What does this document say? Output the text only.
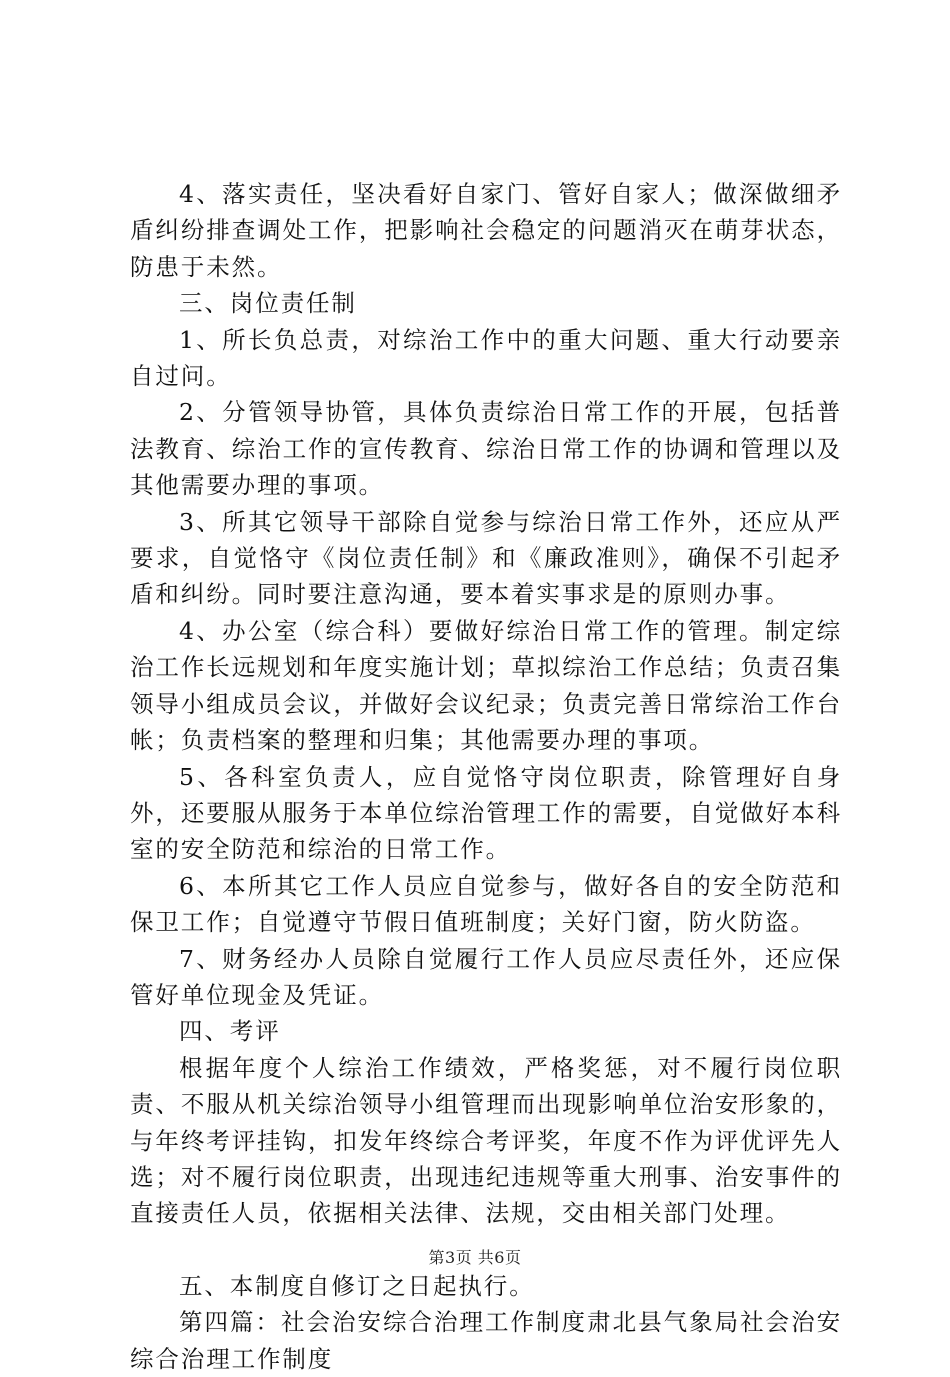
4、落实责任，坚决看好自家门、管好自家人；做深做细矛盾纠纷排查调处工作，把影响社会稳定的问题消灭在萌芽状态，防患于未然。

三、岗位责任制

1、所长负总责，对综治工作中的重大问题、重大行动要亲自过问。

2、分管领导协管，具体负责综治日常工作的开展，包括普法教育、综治工作的宣传教育、综治日常工作的协调和管理以及其他需要办理的事项。

3、所其它领导干部除自觉参与综治日常工作外，还应从严要求，自觉恪守《岗位责任制》和《廉政准则》，确保不引起矛盾和纠纷。同时要注意沟通，要本着实事求是的原则办事。

4、办公室（综合科）要做好综治日常工作的管理。制定综治工作长远规划和年度实施计划；草拟综治工作总结；负责召集领导小组成员会议，并做好会议纪录；负责完善日常综治工作台帐；负责档案的整理和归集；其他需要办理的事项。

5、各科室负责人，应自觉恪守岗位职责，除管理好自身外，还要服从服务于本单位综治管理工作的需要，自觉做好本科室的安全防范和综治的日常工作。

6、本所其它工作人员应自觉参与，做好各自的安全防范和保卫工作；自觉遵守节假日值班制度；关好门窗，防火防盗。

7、财务经办人员除自觉履行工作人员应尽责任外，还应保管好单位现金及凭证。

四、考评

根据年度个人综治工作绩效，严格奖惩，对不履行岗位职责、不服从机关综治领导小组管理而出现影响单位治安形象的，与年终考评挂钩，扣发年终综合考评奖，年度不作为评优评先人选；对不履行岗位职责，出现违纪违规等重大刑事、治安事件的直接责任人员，依据相关法律、法规，交由相关部门处理。

五、本制度自修订之日起执行。

第四篇：社会治安综合治理工作制度肃北县气象局社会治安综合治理工作制度

第3页 共6页
